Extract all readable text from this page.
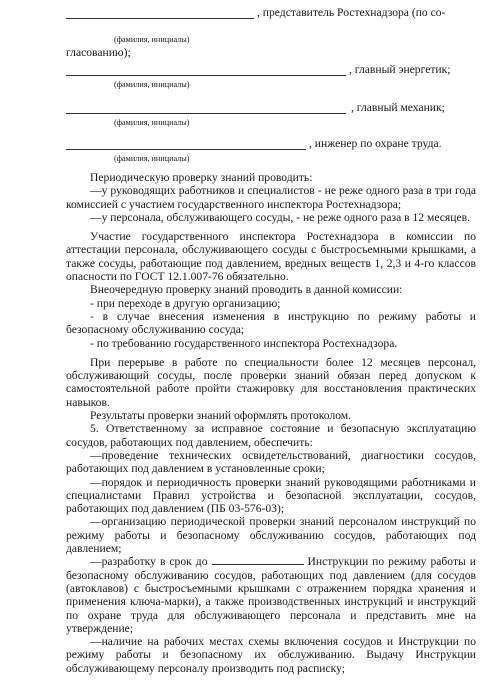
, представитель Ростехнадзора (по со-
(фамилия, инициалы)
гласованию);
, главный энергетик;
(фамилия, инициалы)
, главный механик;
(фамилия, инициалы)
, инженер по охране труда.
(фамилия, инициалы)

Периодическую проверку знаний проводить:

—у руководящих работников и специалистов - не реже одного раза в три года комиссией с участием государственного инспектора Ростехнадзора;

—у персонала, обслуживающего сосуды, - не реже одного раза в 12 месяцев.

Участие государственного инспектора Ростехнадзора в комиссии по аттестации персонала, обслуживающего сосуды с быстросъемными крышками, а также сосуды, работающие под давлением, вредных веществ 1, 2,3 и 4-го классов опасности по ГОСТ 12.1.007-76 обязательно.

Внеочередную проверку знаний проводить в данной комиссии:

- при переходе в другую организацию;

- в случае внесения изменения в инструкцию по режиму работы и безопасному обслуживанию сосуда;

- по требованию государственного инспектора Ростехнадзора.

При перерыве в работе по специальности более 12 месяцев персонал, обслуживающий сосуды, после проверки знаний обязан перед допуском к самостоятельной работе пройти стажировку для восстановления практических навыков.

Результаты проверки знаний оформлять протоколом.

5. Ответственному за исправное состояние и безопасную эксплуатацию сосудов, работающих под давлением, обеспечить:

—проведение технических освидетельствований, диагностики сосудов, работающих под давлением в установленные сроки;

—порядок и периодичность проверки знаний руководящими работниками и специалистами Правил устройства и безопасной эксплуатации, сосудов, работающих под давлением (ПБ 03-576-03);

—организацию периодической проверки знаний персоналом инструкций по режиму работы и безопасному обслуживанию сосудов, работающих под давлением;

—разработку в срок до	Инструкции по режиму работы и безопасному обслуживанию сосудов, работающих под давлением (для сосудов (автоклавов) с быстросъемными крышками с отражением порядка хранения и применения ключа-марки), а также производственных инструкций и инструкций по охране труда для обслуживающего персонала и представить мне на утверждение;

—наличие на рабочих местах схемы включения сосудов и Инструкции по режиму работы и безопасному их обслуживанию. Выдачу Инструкции обслуживающему персоналу производить под расписку;
